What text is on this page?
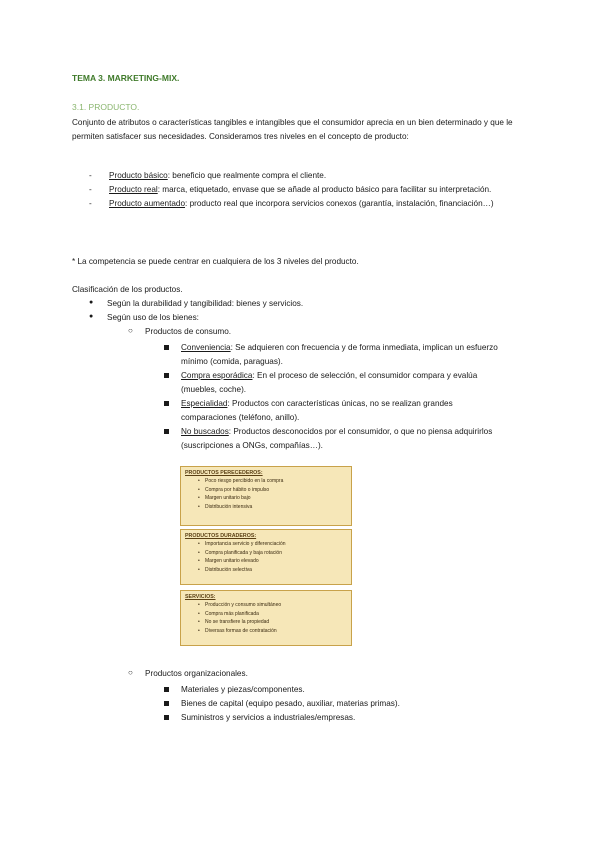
TEMA 3. MARKETING-MIX.
3.1. PRODUCTO.
Conjunto de atributos o características tangibles e intangibles que el consumidor aprecia en un bien determinado y que le permiten satisfacer sus necesidades. Consideramos tres niveles en el concepto de producto:
- Producto básico: beneficio que realmente compra el cliente.
- Producto real: marca, etiquetado, envase que se añade al producto básico para facilitar su interpretación.
- Producto aumentado: producto real que incorpora servicios conexos (garantía, instalación, financiación…)
* La competencia se puede centrar en cualquiera de los 3 niveles del producto.
Clasificación de los productos.
● Según la durabilidad y tangibilidad: bienes y servicios.
● Según uso de los bienes:
○ Productos de consumo.
Conveniencia: Se adquieren con frecuencia y de forma inmediata, implican un esfuerzo mínimo (comida, paraguas).
Compra esporádica: En el proceso de selección, el consumidor compara y evalúa (muebles, coche).
Especialidad: Productos con características únicas, no se realizan grandes comparaciones (teléfono, anillo).
No buscados: Productos desconocidos por el consumidor, o que no piensa adquirirlos (suscripciones a ONGs, compañías…).
PRODUCTOS PERECEDEROS:
• Poco riesgo percibido en la compra
• Compra por hábito o impulso
• Margen unitario bajo
• Distribución intensiva
PRODUCTOS DURADEROS:
• Importancia servicio y diferenciación
• Compra planificada y baja rotación
• Margen unitario elevado
• Distribución selectiva
SERVICIOS:
• Producción y consumo simultáneo
• Compra más planificada
• No se transfiere la propiedad
• Diversas formas de contratación
○ Productos organizacionales.
Materiales y piezas/componentes.
Bienes de capital (equipo pesado, auxiliar, materias primas).
Suministros y servicios a industriales/empresas.
